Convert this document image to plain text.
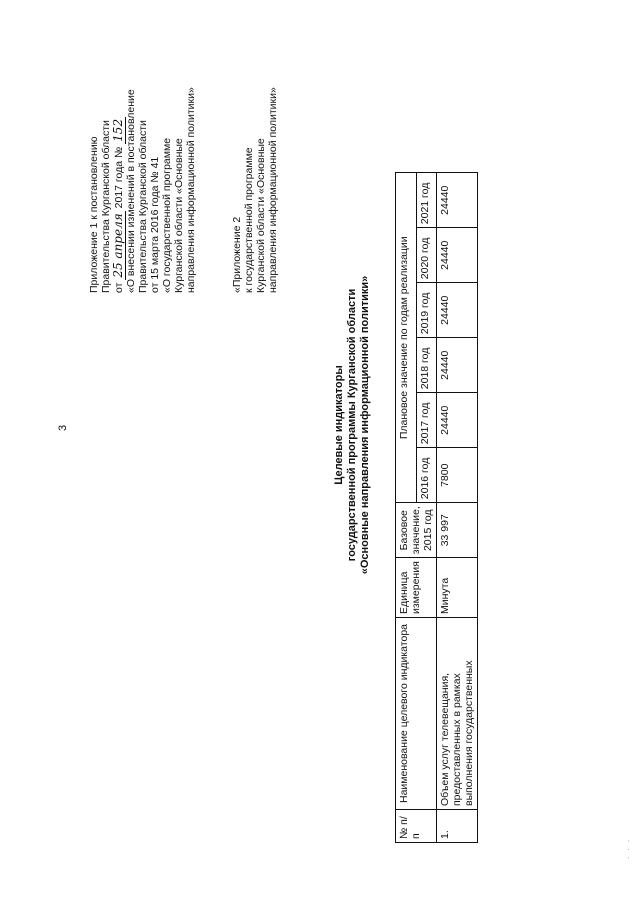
3
Приложение 1 к постановлению Правительства Курганской области от 25 апреля 2017 года № 152 «О внесении изменений в постановление Правительства Курганской области от 15 марта 2016 года № 41 «О государственной программе Курганской области «Основные направления информационной политики»	«Приложение 2 к государственной программе Курганской области «Основные направления информационной политики»
Целевые индикаторы государственной программы Курганской области «Основные направления информационной политики»
№ п/п	Наименование целевого индикатора	Единица измерения	Базовое значение, 2015 год	Плановое значение по годам реализации					
				2016 год	2017 год	2018 год	2019 год	2020 год	2021 год
1.	Объем услуг телевещания, предоставленных в рамках выполнения государственных	Минута	33 997	7800	24440	24440	24440	24440	24440
. . .
